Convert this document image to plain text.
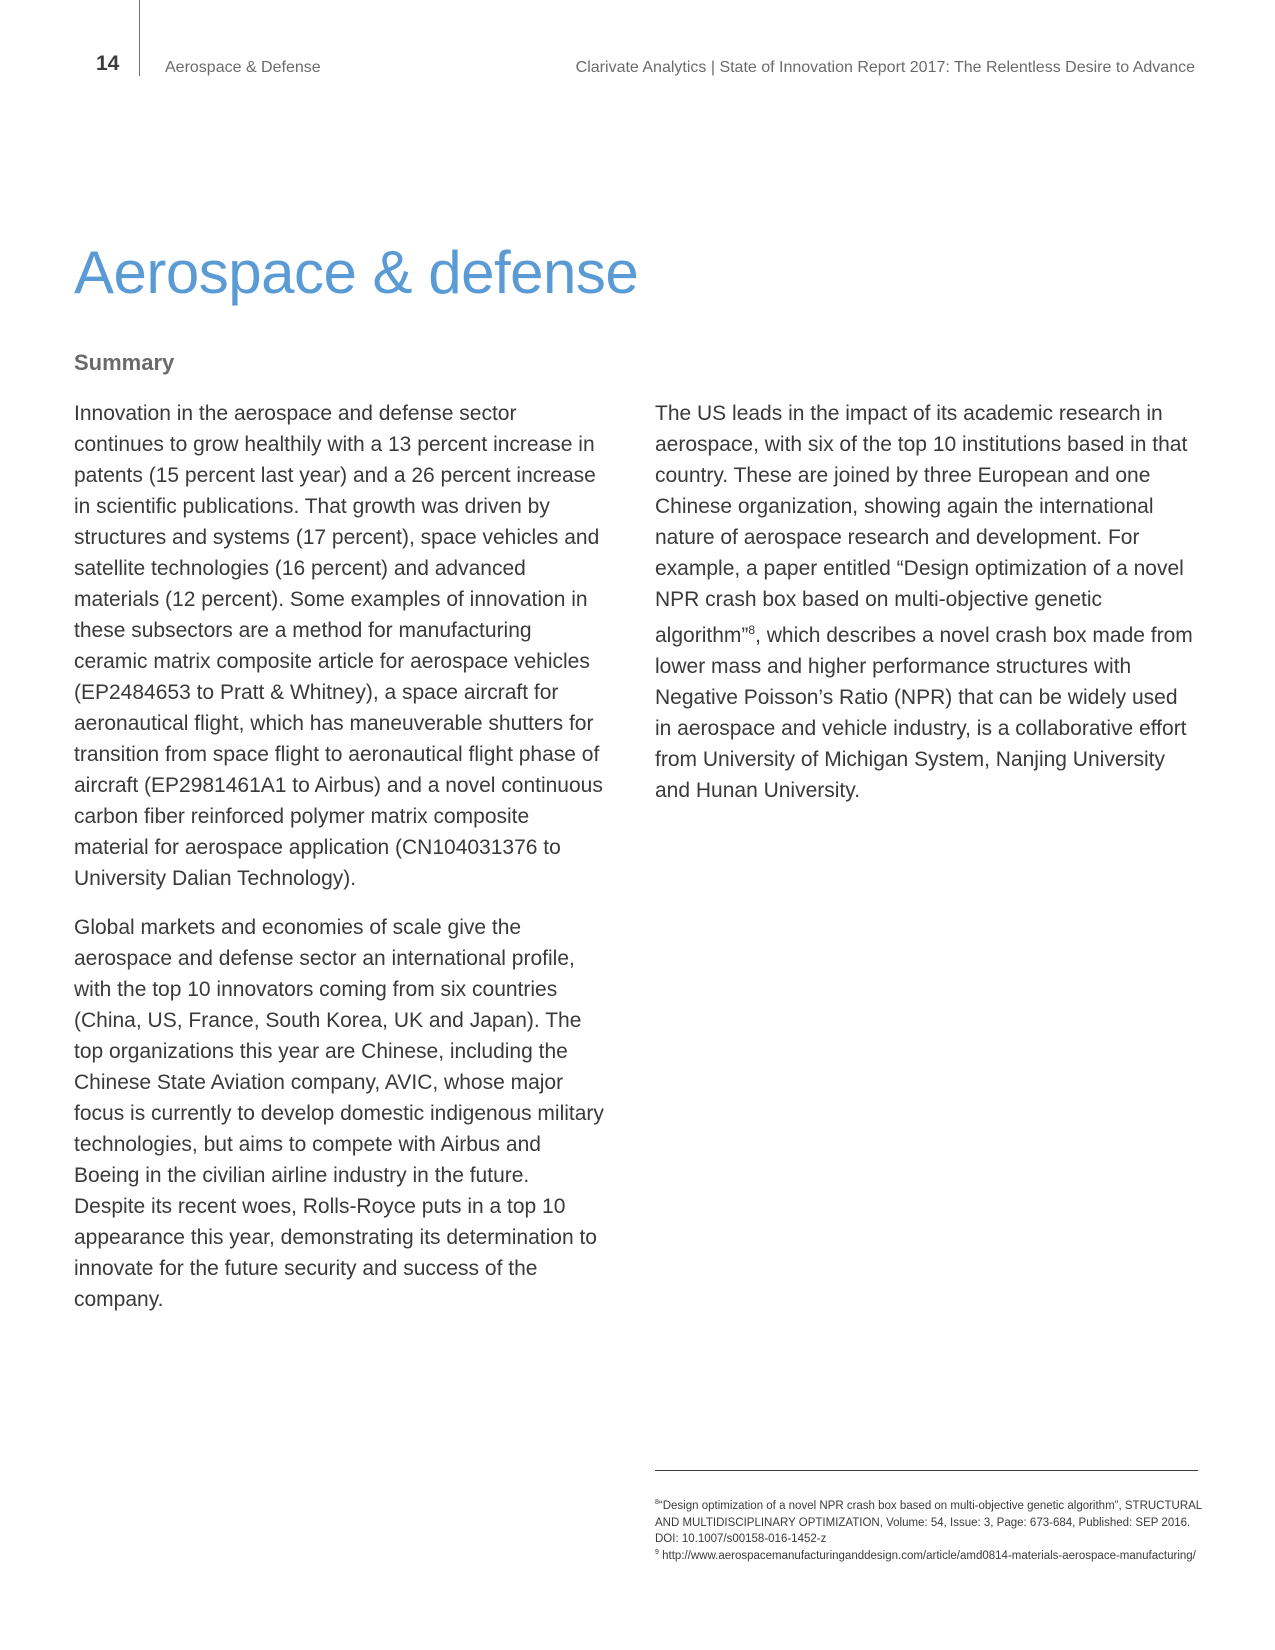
14	Aerospace & Defense	Clarivate Analytics | State of Innovation Report 2017: The Relentless Desire to Advance
Aerospace & defense
Summary

Innovation in the aerospace and defense sector continues to grow healthily with a 13 percent increase in patents (15 percent last year) and a 26 percent increase in scientific publications. That growth was driven by structures and systems (17 percent), space vehicles and satellite technologies (16 percent) and advanced materials (12 percent). Some examples of innovation in these subsectors are a method for manufacturing ceramic matrix composite article for aerospace vehicles (EP2484653 to Pratt & Whitney), a space aircraft for aeronautical flight, which has maneuverable shutters for transition from space flight to aeronautical flight phase of aircraft (EP2981461A1 to Airbus) and a novel continuous carbon fiber reinforced polymer matrix composite material for aerospace application (CN104031376 to University Dalian Technology).

Global markets and economies of scale give the aerospace and defense sector an international profile, with the top 10 innovators coming from six countries (China, US, France, South Korea, UK and Japan). The top organizations this year are Chinese, including the Chinese State Aviation company, AVIC, whose major focus is currently to develop domestic indigenous military technologies, but aims to compete with Airbus and Boeing in the civilian airline industry in the future. Despite its recent woes, Rolls-Royce puts in a top 10 appearance this year, demonstrating its determination to innovate for the future security and success of the company.

The US leads in the impact of its academic research in aerospace, with six of the top 10 institutions based in that country. These are joined by three European and one Chinese organization, showing again the international nature of aerospace research and development. For example, a paper entitled “Design optimization of a novel NPR crash box based on multi-objective genetic algorithm”$^8$, which describes a novel crash box made from lower mass and higher performance structures with Negative Poisson’s Ratio (NPR) that can be widely used in aerospace and vehicle industry, is a collaborative effort from University of Michigan System, Nanjing University and Hunan University.

$^8$“Design optimization of a novel NPR crash box based on multi-objective genetic algorithm”, STRUCTURAL AND MULTIDISCIPLINARY OPTIMIZATION, Volume: 54, Issue: 3, Page: 673-684, Published: SEP 2016. DOI: 10.1007/s00158-016-1452-z

$^9$ http://www.aerospacemanufacturinganddesign.com/article/amd0814-materials-aerospace-manufacturing/
